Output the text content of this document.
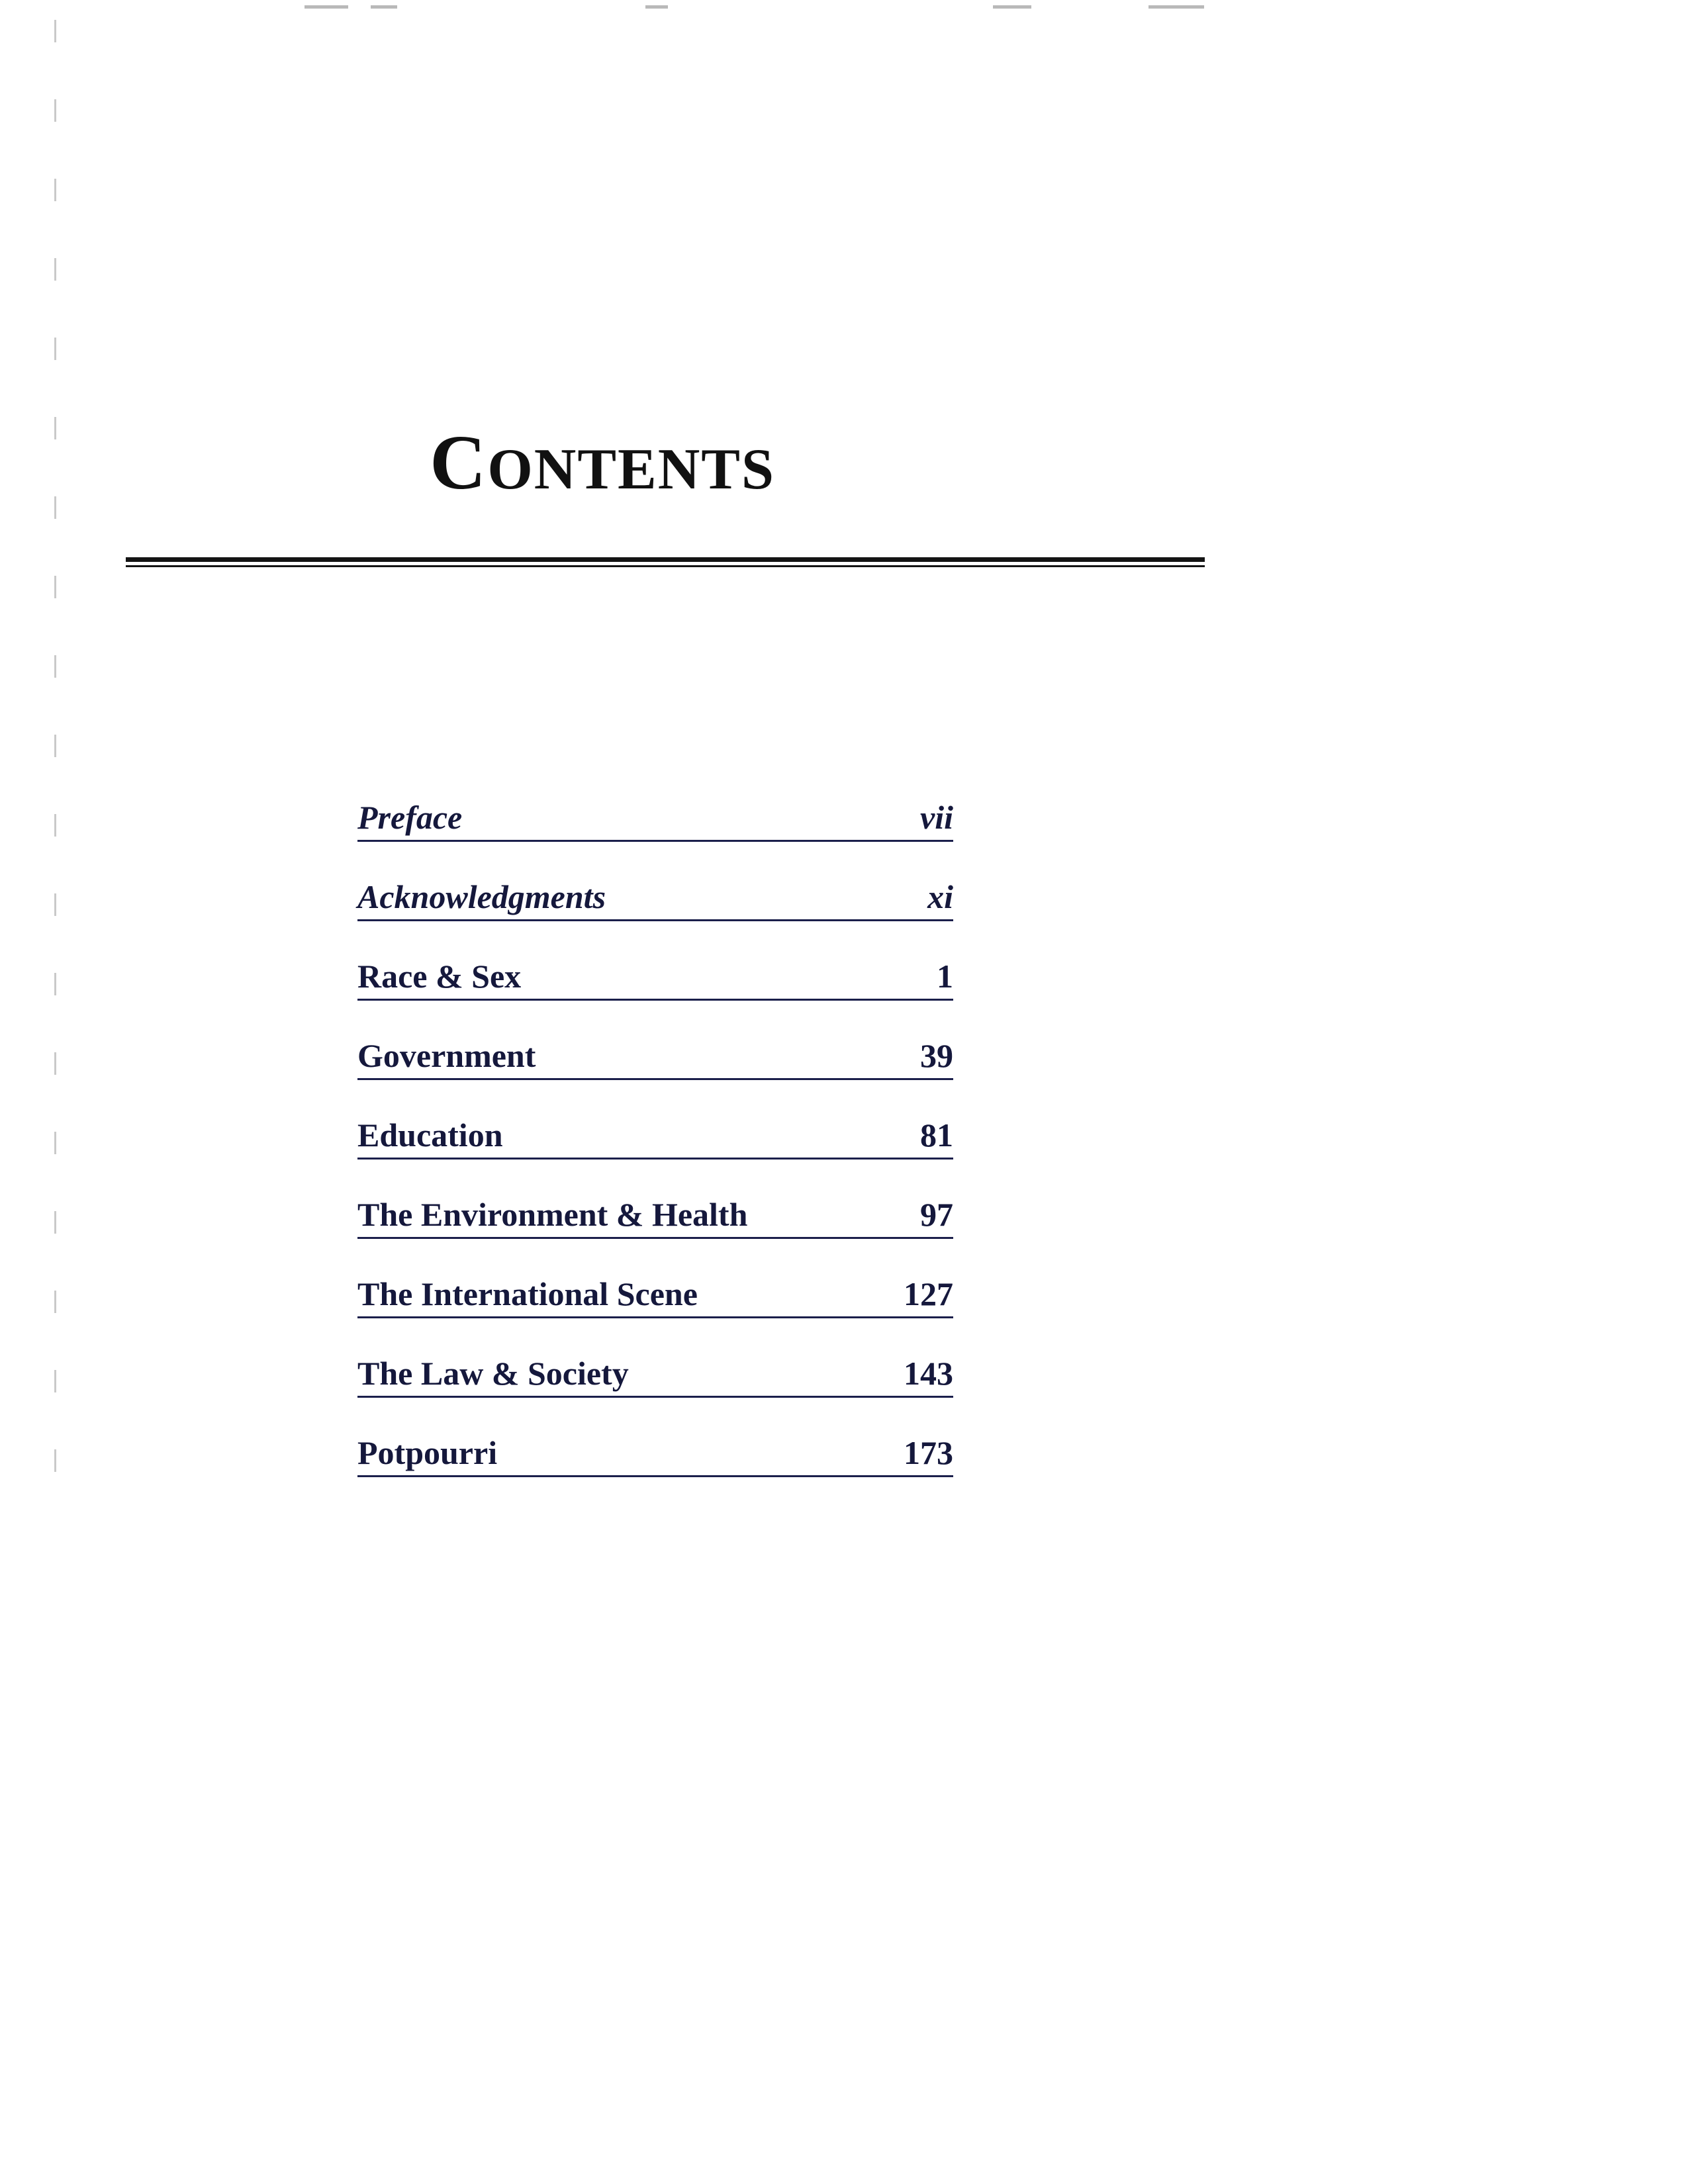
CONTENTS
Preface	vii
Acknowledgments	xi
Race & Sex	1
Government	39
Education	81
The Environment & Health	97
The International Scene	127
The Law & Society	143
Potpourri	173
